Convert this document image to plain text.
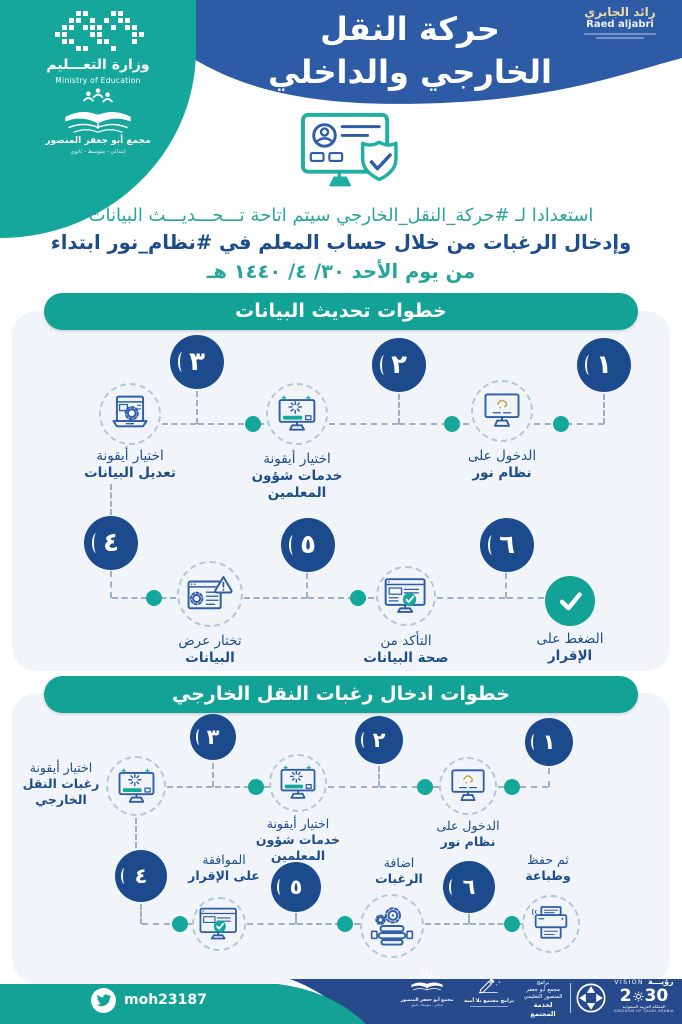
حركة النقل
الخارجي والداخلي
رائد الجابري
Raed aljabri
وزارة التعـــليم
Ministry of Education
مجمع أبو جعفر المنصور
ابتدائي - متوسط - ثانوي
استعدادا لـ #حركة_النقل_الخارجي سيتم اتاحة تـــحـــديـــث البيانات
وإدخال الرغبات من خلال حساب المعلم في #نظام_نور ابتداء
من يوم الأحد ٣٠/ ٤/ ١٤٤٠ هـ
خطوات تحديث البيانات
خطوات ادخال رغبات النقل الخارجي
١
٢
٣
٤	٥	٦
الدخول على
نظام نور
اختيار أيقونة
خدمات شؤون
المعلمين
اختيار أيقونة
تعديل البيانات
تختار عرض
البيانات
التأكد من
صحة البيانات
الضغط على
الإقرار
١
٢
٣
٤	٥	٦
الدخول على
نظام نور
اختيار أيقونة
خدمات شؤون
المعلمين
اختيار أيقونة
رغبات النقل
الخارجي
الموافقة
على الإقرار
اضافة
الرغبات
ثم حفظ
وطباعة
moh23187	مجمع أبو جعفر المنصور
ابتدائي - متوسط - ثانوي
برامج مجتمع بلا أمية
برامج
مجمع أبو جعفر
المنصور التعليمي
لخدمة المجتمع
VISION رؤيـــة
2 30
المملكة العربية السعودية
KINGDOM OF SAUDI ARABIA
